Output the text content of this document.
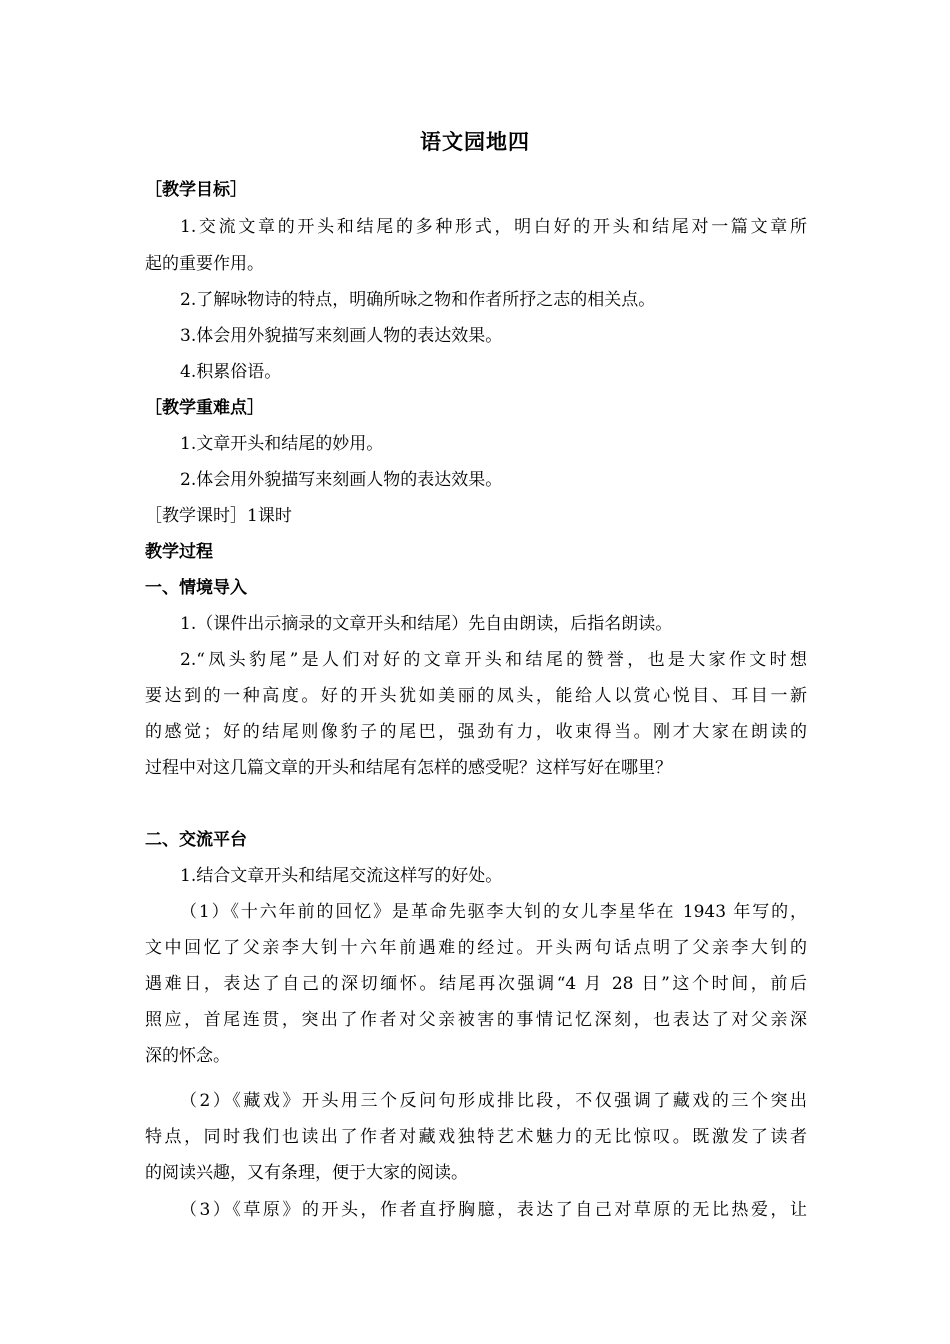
语文园地四
［教学目标］
1.交流文章的开头和结尾的多种形式，明白好的开头和结尾对一篇文章所
起的重要作用。
2.了解咏物诗的特点，明确所咏之物和作者所抒之志的相关点。
3.体会用外貌描写来刻画人物的表达效果。
4.积累俗语。
［教学重难点］
1.文章开头和结尾的妙用。
2.体会用外貌描写来刻画人物的表达效果。
［教学课时］1课时
教学过程
一、情境导入
1.（课件出示摘录的文章开头和结尾）先自由朗读，后指名朗读。
2.“凤头豹尾”是人们对好的文章开头和结尾的赞誉，也是大家作文时想
要达到的一种高度。好的开头犹如美丽的凤头，能给人以赏心悦目、耳目一新
的感觉；好的结尾则像豹子的尾巴，强劲有力，收束得当。刚才大家在朗读的
过程中对这几篇文章的开头和结尾有怎样的感受呢？这样写好在哪里？
二、交流平台
1.结合文章开头和结尾交流这样写的好处。
（1）《十六年前的回忆》是革命先驱李大钊的女儿李星华在 1943 年写的，
文中回忆了父亲李大钊十六年前遇难的经过。开头两句话点明了父亲李大钊的
遇难日，表达了自己的深切缅怀。结尾再次强调“4 月 28 日”这个时间，前后
照应，首尾连贯，突出了作者对父亲被害的事情记忆深刻，也表达了对父亲深
深的怀念。
（2）《藏戏》开头用三个反问句形成排比段，不仅强调了藏戏的三个突出
特点，同时我们也读出了作者对藏戏独特艺术魅力的无比惊叹。既激发了读者
的阅读兴趣，又有条理，便于大家的阅读。
（3）《草原》的开头，作者直抒胸臆，表达了自己对草原的无比热爱，让
